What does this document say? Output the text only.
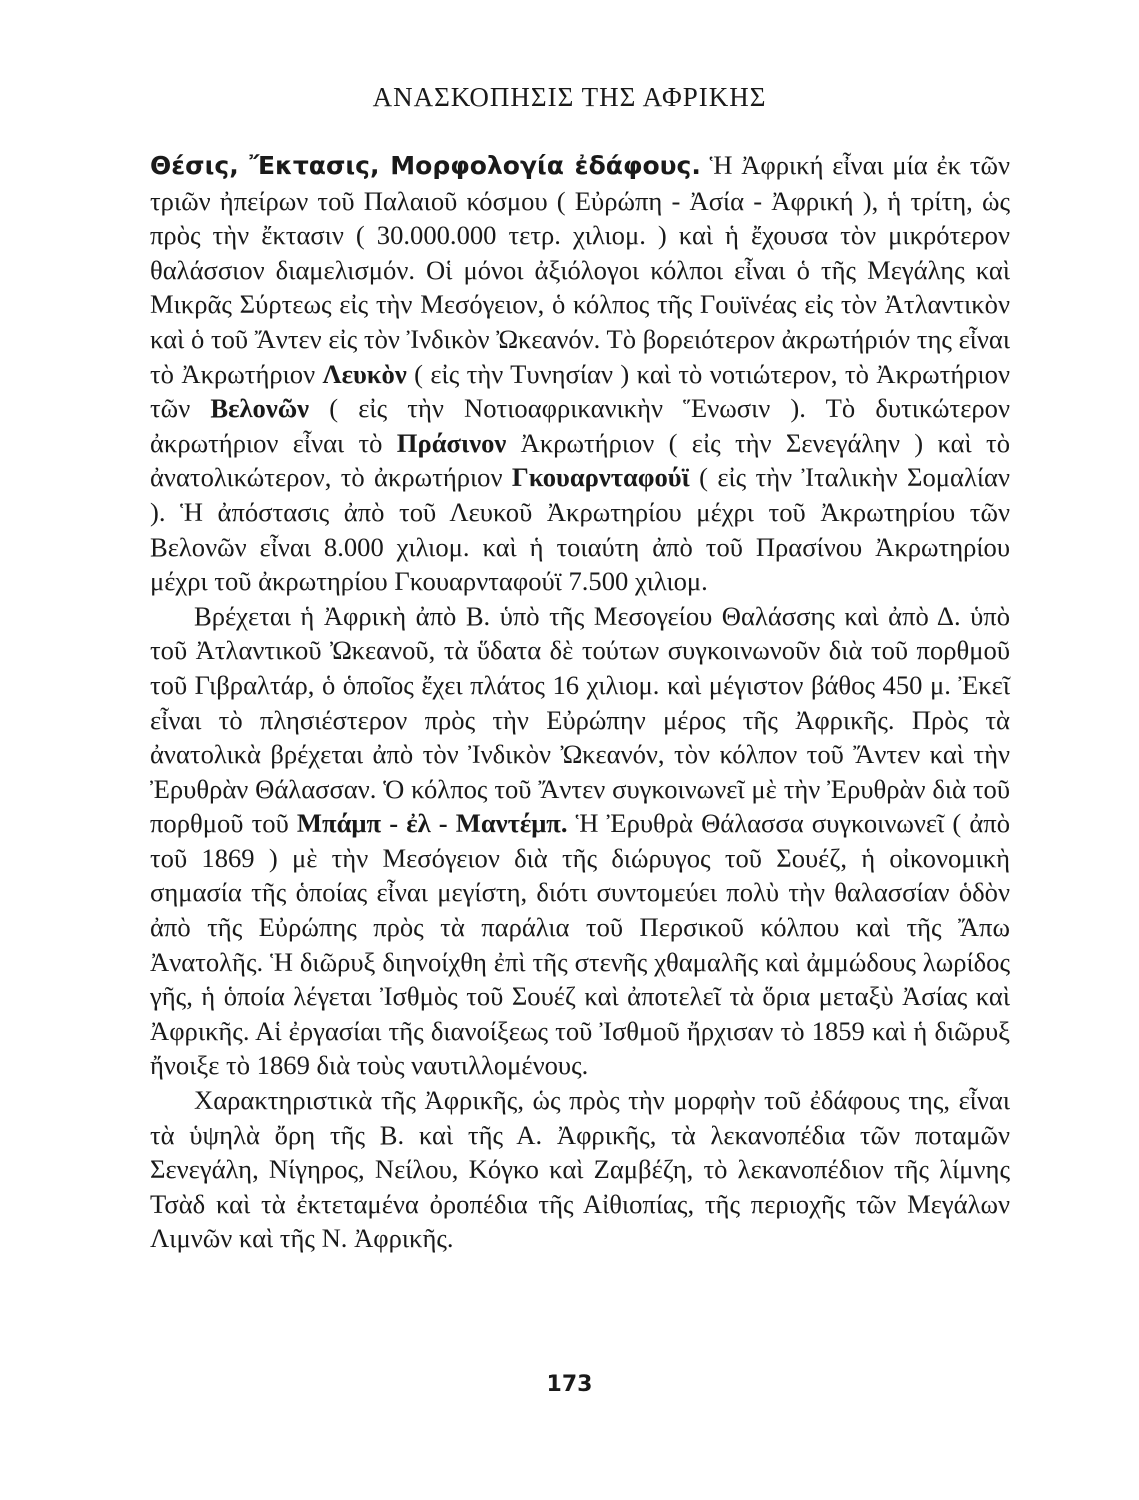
ΑΝΑΣΚΟΠΗΣΙΣ ΤΗΣ ΑΦΡΙΚΗΣ

Θέσις, Ἔκτασις, Μορφολογία ἐδάφους. Ἡ Ἀφρική εἶναι μία ἐκ τῶν τριῶν ἠπείρων τοῦ Παλαιοῦ κόσμου ( Εὐρώπη - Ἀσία - Ἀφρική ), ἡ τρίτη, ὡς πρὸς τὴν ἔκτασιν ( 30.000.000 τετρ. χιλιομ. ) καὶ ἡ ἔχουσα τὸν μικρότερον θαλάσσιον διαμελισμόν. Οἱ μόνοι ἀξιόλογοι κόλποι εἶναι ὁ τῆς Μεγάλης καὶ Μικρᾶς Σύρτεως εἰς τὴν Μεσόγειον, ὁ κόλπος τῆς Γουϊνέας εἰς τὸν Ἀτλαντικὸν καὶ ὁ τοῦ Ἄντεν εἰς τὸν Ἰνδικὸν Ὠκεανόν. Τὸ βορειότερον ἀκρωτήριόν της εἶναι τὸ Ἀκρωτήριον Λευκὸν ( εἰς τὴν Τυνησίαν ) καὶ τὸ νοτιώτερον, τὸ Ἀκρωτήριον τῶν Βελονῶν ( εἰς τὴν Νοτιοαφρικανικὴν Ἕνωσιν ). Τὸ δυτικώτερον ἀκρωτήριον εἶναι τὸ Πράσινον Ἀκρωτήριον ( εἰς τὴν Σενεγάλην ) καὶ τὸ ἀνατολικώτερον, τὸ ἀκρωτήριον Γκουαρνταφούϊ ( εἰς τὴν Ἰταλικὴν Σομαλίαν ). Ἡ ἀπόστασις ἀπὸ τοῦ Λευκοῦ Ἀκρωτηρίου μέχρι τοῦ Ἀκρωτηρίου τῶν Βελονῶν εἶναι 8.000 χιλιομ. καὶ ἡ τοιαύτη ἀπὸ τοῦ Πρασίνου Ἀκρωτηρίου μέχρι τοῦ ἀκρωτηρίου Γκουαρνταφούϊ 7.500 χιλιομ.

Βρέχεται ἡ Ἀφρικὴ ἀπὸ Β. ὑπὸ τῆς Μεσογείου Θαλάσσης καὶ ἀπὸ Δ. ὑπὸ τοῦ Ἀτλαντικοῦ Ὠκεανοῦ, τὰ ὕδατα δὲ τούτων συγκοινωνοῦν διὰ τοῦ πορθμοῦ τοῦ Γιβραλτάρ, ὁ ὁποῖος ἔχει πλάτος 16 χιλιομ. καὶ μέγιστον βάθος 450 μ. Ἐκεῖ εἶναι τὸ πλησιέστερον πρὸς τὴν Εὐρώπην μέρος τῆς Ἀφρικῆς. Πρὸς τὰ ἀνατολικὰ βρέχεται ἀπὸ τὸν Ἰνδικὸν Ὠκεανόν, τὸν κόλπον τοῦ Ἄντεν καὶ τὴν Ἐρυθρὰν Θάλασσαν. Ὁ κόλπος τοῦ Ἄντεν συγκοινωνεῖ μὲ τὴν Ἐρυθρὰν διὰ τοῦ πορθμοῦ τοῦ Μπάμπ - ἐλ - Μαντέμπ. Ἡ Ἐρυθρὰ Θάλασσα συγκοινωνεῖ ( ἀπὸ τοῦ 1869 ) μὲ τὴν Μεσόγειον διὰ τῆς διώρυγος τοῦ Σουέζ, ἡ οἰκονομικὴ σημασία τῆς ὁποίας εἶναι μεγίστη, διότι συντομεύει πολὺ τὴν θαλασσίαν ὁδὸν ἀπὸ τῆς Εὐρώπης πρὸς τὰ παράλια τοῦ Περσικοῦ κόλπου καὶ τῆς Ἄπω Ἀνατολῆς. Ἡ διῶρυξ διηνοίχθη ἐπὶ τῆς στενῆς χθαμαλῆς καὶ ἀμμώδους λωρίδος γῆς, ἡ ὁποία λέγεται Ἰσθμὸς τοῦ Σουέζ καὶ ἀποτελεῖ τὰ ὅρια μεταξὺ Ἀσίας καὶ Ἀφρικῆς. Αἱ ἐργασίαι τῆς διανοίξεως τοῦ Ἰσθμοῦ ἤρχισαν τὸ 1859 καὶ ἡ διῶρυξ ἤνοιξε τὸ 1869 διὰ τοὺς ναυτιλλομένους.

Χαρακτηριστικὰ τῆς Ἀφρικῆς, ὡς πρὸς τὴν μορφὴν τοῦ ἐδάφους της, εἶναι τὰ ὑψηλὰ ὄρη τῆς Β. καὶ τῆς Α. Ἀφρικῆς, τὰ λεκανοπέδια τῶν ποταμῶν Σενεγάλη, Νίγηρος, Νείλου, Κόγκο καὶ Ζαμβέζη, τὸ λεκανοπέδιον τῆς λίμνης Τσὰδ καὶ τὰ ἐκτεταμένα ὀροπέδια τῆς Αἰθιοπίας, τῆς περιοχῆς τῶν Μεγάλων Λιμνῶν καὶ τῆς Ν. Ἀφρικῆς.

173
